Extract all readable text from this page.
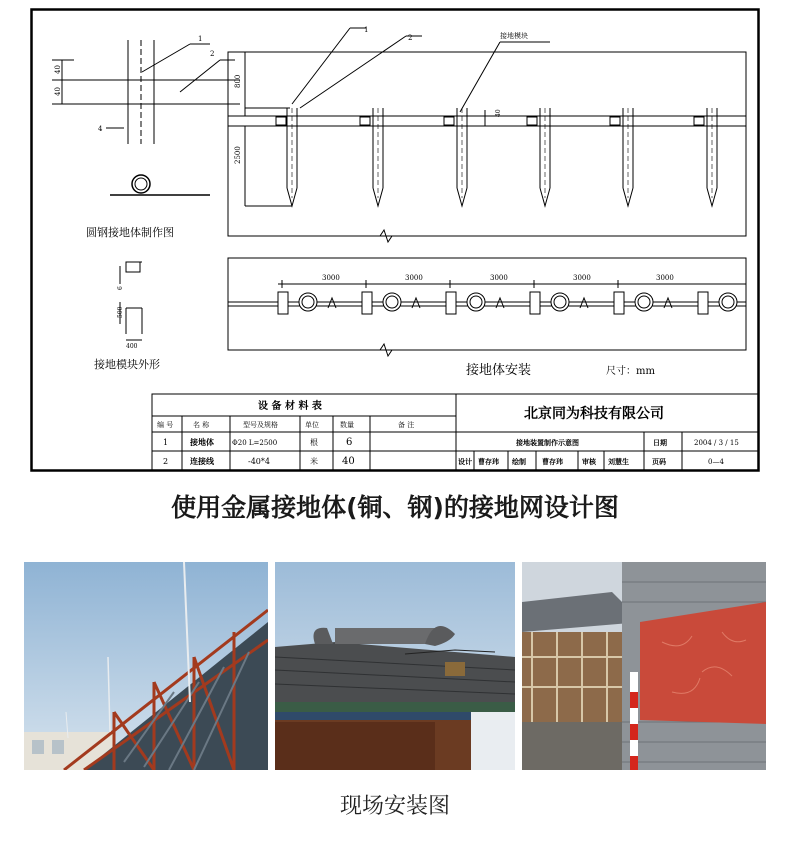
1
2
40
40
4
圆钢接地体制作图
6
500
400
接地模块外形
800
2500
40
1
2	接地模块
3000	3000	3000	3000	3000
接地体安装	尺寸：mm
设 备 材 料 表
编 号	名 称	型号及规格	单位	数量	备 注
1	接地体	Φ20 L=2500	根	6
2	连接线	-40*4	米 40
北京同为科技有限公司
接地装置制作示意图	日期	2004 / 3 / 15
设计 曹存玮 绘制 曹存玮	审核 刘慧生	页码	0—4
使用金属接地体(铜、钢)的接地网设计图
现场安装图
